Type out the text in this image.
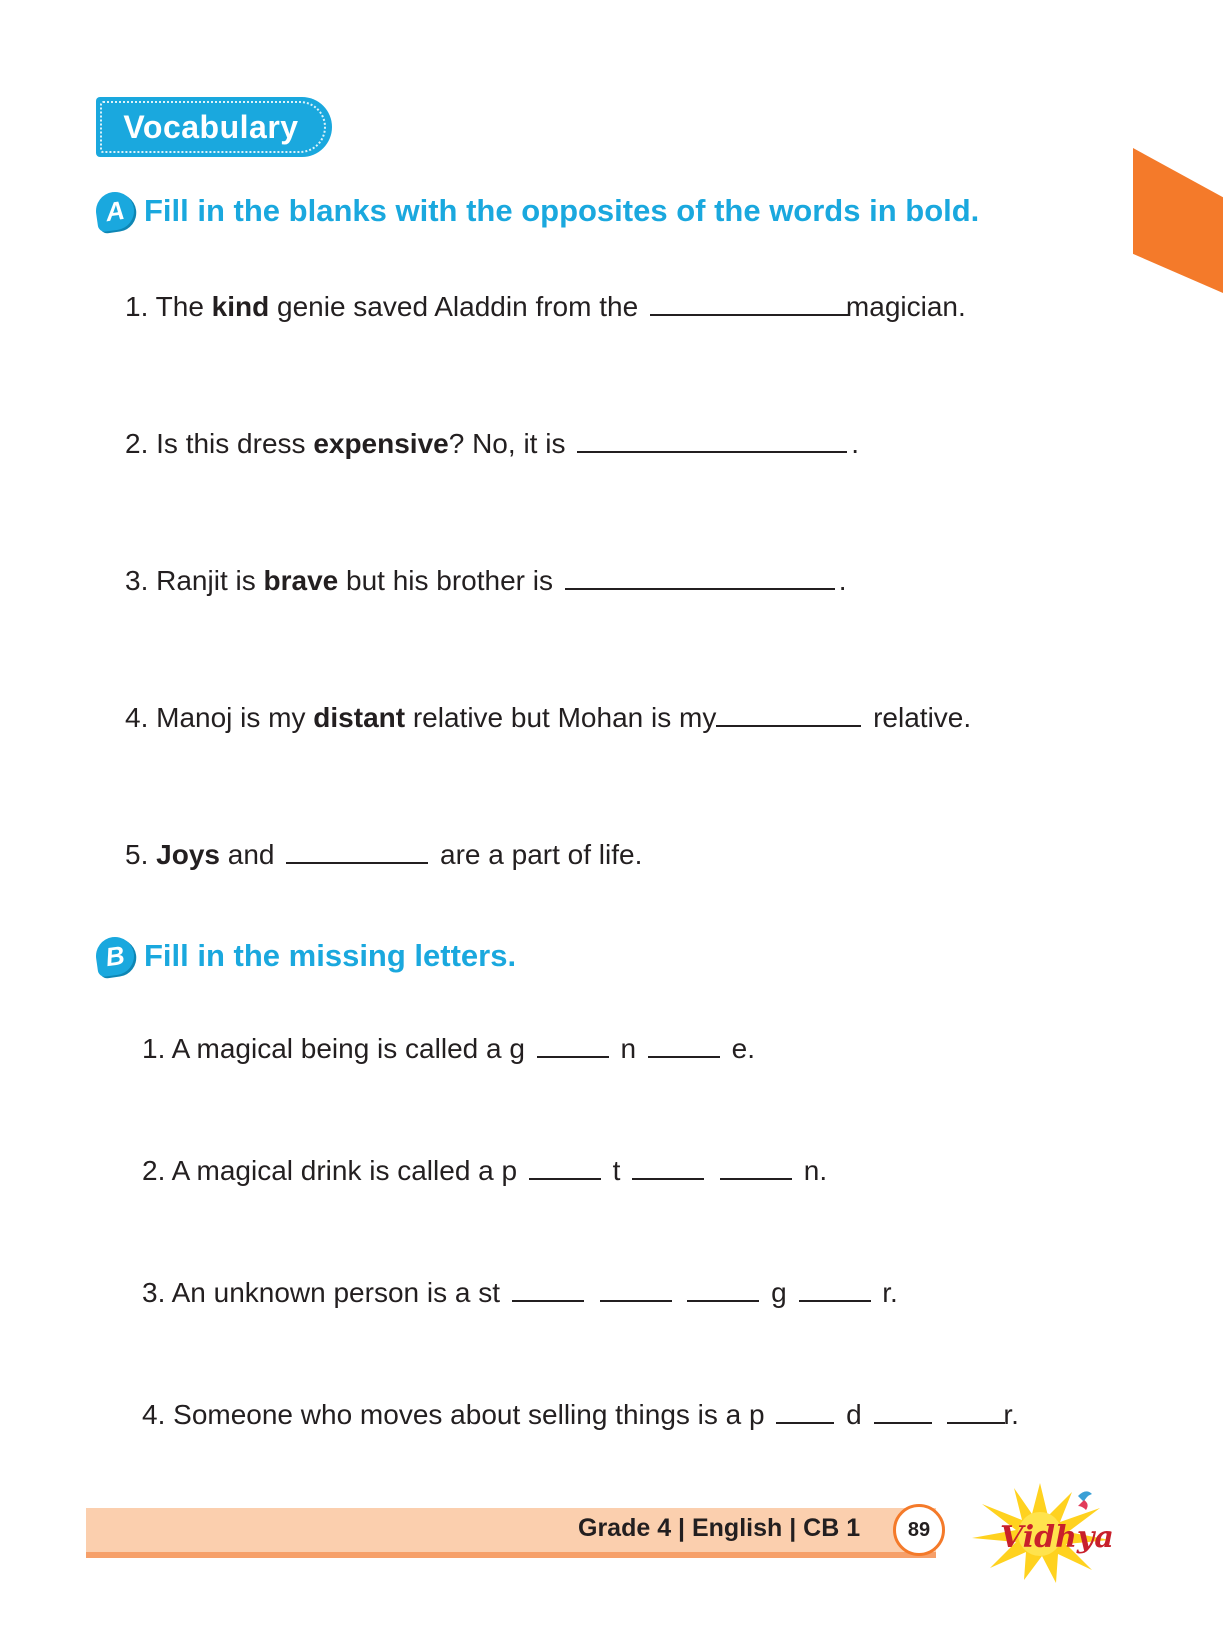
Vocabulary
A Fill in the blanks with the opposites of the words in bold.
1. The kind genie saved Aladdin from the	magician.
2. Is this dress expensive? No, it is	.
3. Ranjit is brave but his brother is	.
4. Manoj is my distant relative but Mohan is my	relative.
5. Joys and	are a part of life.
B Fill in the missing letters.
1. A magical being is called a g	n	e.
2. A magical drink is called a p	t	n.
3. An unknown person is a st	g	r.
4. Someone who moves about selling things is a p	d	r.
Grade 4 | English | CB 1	89	Vidhya
